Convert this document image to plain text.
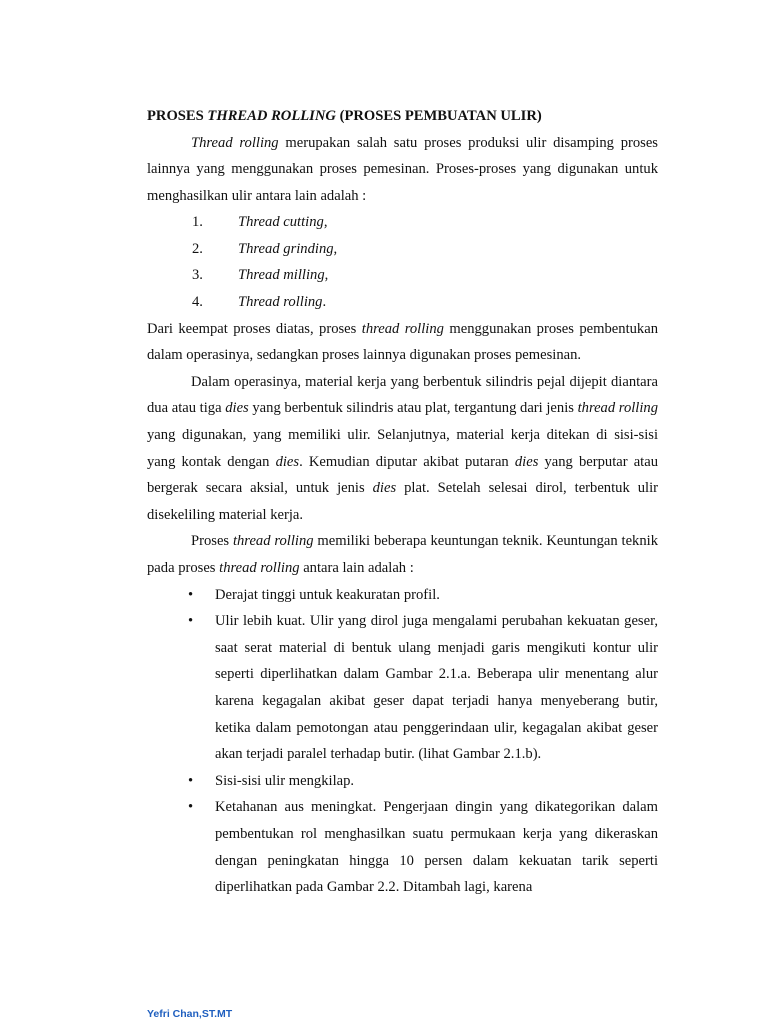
PROSES THREAD ROLLING (PROSES PEMBUATAN ULIR)

Thread rolling merupakan salah satu proses produksi ulir disamping proses lainnya yang menggunakan proses pemesinan. Proses-proses yang digunakan untuk menghasilkan ulir antara lain adalah :

1. Thread cutting,
2. Thread grinding,
3. Thread milling,
4. Thread rolling.

Dari keempat proses diatas, proses thread rolling menggunakan proses pembentukan dalam operasinya, sedangkan proses lainnya digunakan proses pemesinan.

Dalam operasinya, material kerja yang berbentuk silindris pejal dijepit diantara dua atau tiga dies yang berbentuk silindris atau plat, tergantung dari jenis thread rolling yang digunakan, yang memiliki ulir. Selanjutnya, material kerja ditekan di sisi-sisi yang kontak dengan dies. Kemudian diputar akibat putaran dies yang berputar atau bergerak secara aksial, untuk jenis dies plat. Setelah selesai dirol, terbentuk ulir disekeliling material kerja.

Proses thread rolling memiliki beberapa keuntungan teknik. Keuntungan teknik pada proses thread rolling antara lain adalah :

• Derajat tinggi untuk keakuratan profil.
• Ulir lebih kuat. Ulir yang dirol juga mengalami perubahan kekuatan geser, saat serat material di bentuk ulang menjadi garis mengikuti kontur ulir seperti diperlihatkan dalam Gambar 2.1.a. Beberapa ulir menentang alur karena kegagalan akibat geser dapat terjadi hanya menyeberang butir, ketika dalam pemotongan atau penggerindaan ulir, kegagalan akibat geser akan terjadi paralel terhadap butir. (lihat Gambar 2.1.b).
• Sisi-sisi ulir mengkilap.
• Ketahanan aus meningkat. Pengerjaan dingin yang dikategorikan dalam pembentukan rol menghasilkan suatu permukaan kerja yang dikeraskan dengan peningkatan hingga 10 persen dalam kekuatan tarik seperti diperlihatkan pada Gambar 2.2. Ditambah lagi, karena
Yefri Chan,ST.MT
